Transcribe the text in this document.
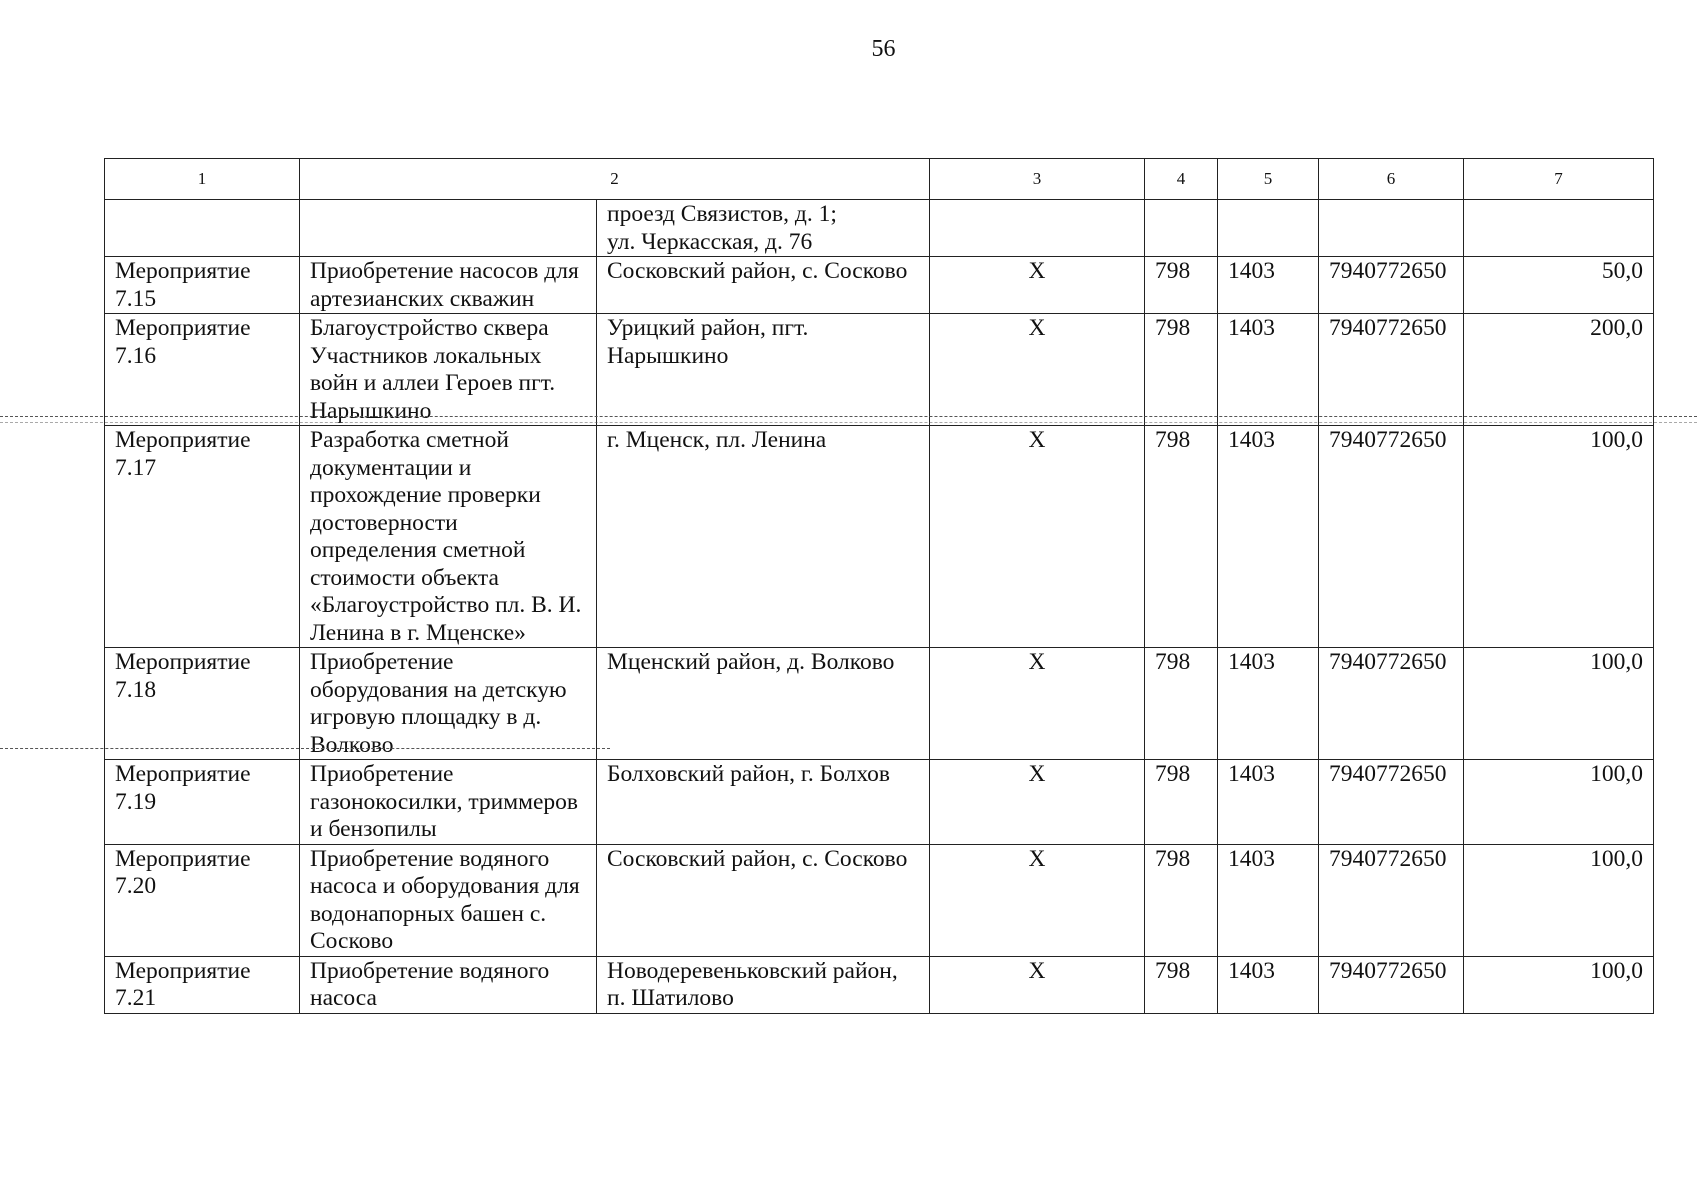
56
1	2		3	4	5	6	7

		проезд Связистов, д. 1;
ул. Черкасская, д. 76					

Мероприятие 7.15	Приобретение насосов для артезианских скважин	Сосковский район, с. Сосково	Х	798	1403	7940772650	50,0
Мероприятие 7.16	Благоустройство сквера Участников локальных войн и аллеи Героев пгт. Нарышкино	Урицкий район, пгт. Нарышкино	Х	798	1403	7940772650	200,0
Мероприятие 7.17	Разработка сметной документации и прохождение проверки достоверности определения сметной стоимости объекта «Благоустройство пл. В. И. Ленина в г. Мценске»	г. Мценск, пл. Ленина	Х	798	1403	7940772650	100,0
Мероприятие 7.18	Приобретение оборудования на детскую игровую площадку в д. Волково	Мценский район, д. Волково	Х	798	1403	7940772650	100,0
Мероприятие 7.19	Приобретение газонокосилки, триммеров и бензопилы	Болховский район, г. Болхов	Х	798	1403	7940772650	100,0
Мероприятие 7.20	Приобретение водяного насоса и оборудования для водонапорных башен с. Сосково	Сосковский район, с. Сосково	Х	798	1403	7940772650	100,0
Мероприятие 7.21	Приобретение водяного насоса	Новодеревеньковский район, п. Шатилово	Х	798	1403	7940772650	100,0
